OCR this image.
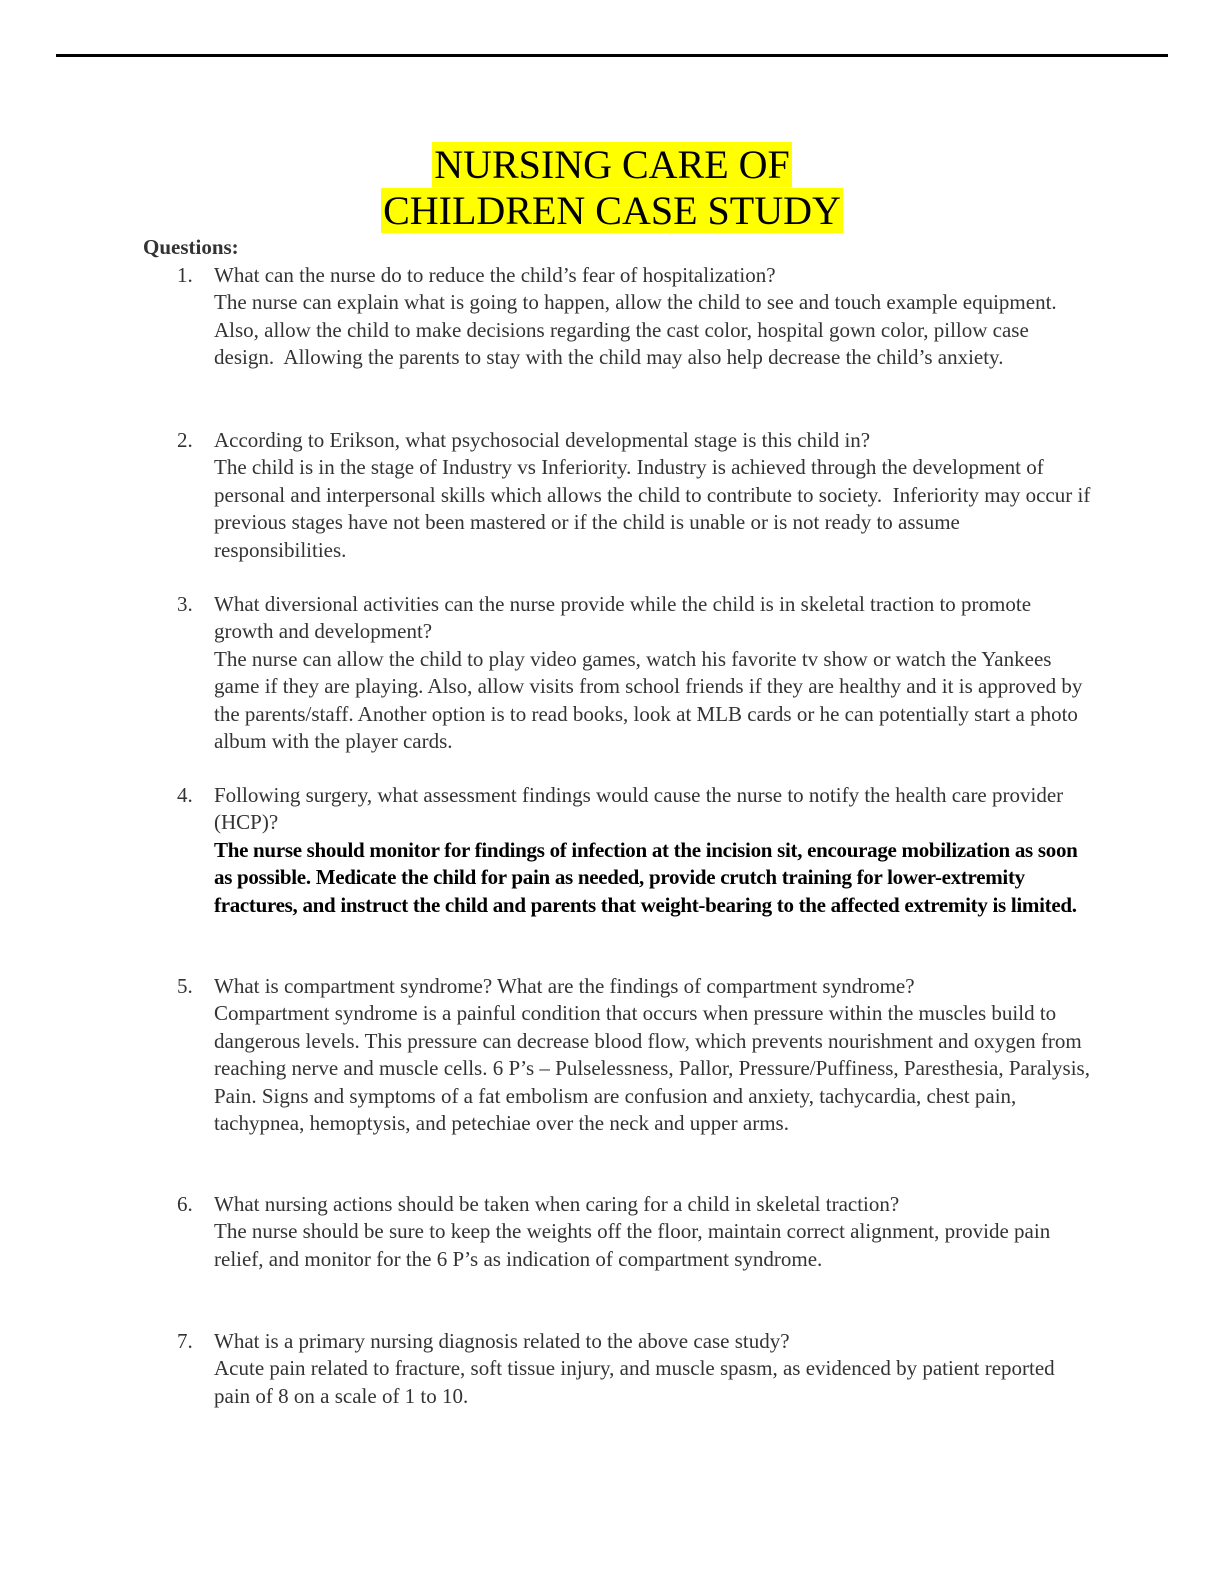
NURSING CARE OF
CHILDREN CASE STUDY
Questions:
1. What can the nurse do to reduce the child’s fear of hospitalization?
The nurse can explain what is going to happen, allow the child to see and touch example equipment. Also, allow the child to make decisions regarding the cast color, hospital gown color, pillow case design.  Allowing the parents to stay with the child may also help decrease the child’s anxiety.
2. According to Erikson, what psychosocial developmental stage is this child in?
The child is in the stage of Industry vs Inferiority. Industry is achieved through the development of personal and interpersonal skills which allows the child to contribute to society.  Inferiority may occur if previous stages have not been mastered or if the child is unable or is not ready to assume responsibilities.
3. What diversional activities can the nurse provide while the child is in skeletal traction to promote growth and development?
The nurse can allow the child to play video games, watch his favorite tv show or watch the Yankees game if they are playing. Also, allow visits from school friends if they are healthy and it is approved by the parents/staff. Another option is to read books, look at MLB cards or he can potentially start a photo album with the player cards.
4. Following surgery, what assessment findings would cause the nurse to notify the health care provider (HCP)?
The nurse should monitor for findings of infection at the incision sit, encourage mobilization as soon as possible. Medicate the child for pain as needed, provide crutch training for lower-extremity fractures, and instruct the child and parents that weight-bearing to the affected extremity is limited.
5. What is compartment syndrome? What are the findings of compartment syndrome?
Compartment syndrome is a painful condition that occurs when pressure within the muscles build to dangerous levels. This pressure can decrease blood flow, which prevents nourishment and oxygen from reaching nerve and muscle cells. 6 P’s – Pulselessness, Pallor, Pressure/Puffiness, Paresthesia, Paralysis, Pain. Signs and symptoms of a fat embolism are confusion and anxiety, tachycardia, chest pain, tachypnea, hemoptysis, and petechiae over the neck and upper arms.
6. What nursing actions should be taken when caring for a child in skeletal traction?
The nurse should be sure to keep the weights off the floor, maintain correct alignment, provide pain relief, and monitor for the 6 P’s as indication of compartment syndrome.
7. What is a primary nursing diagnosis related to the above case study?
Acute pain related to fracture, soft tissue injury, and muscle spasm, as evidenced by patient reported pain of 8 on a scale of 1 to 10.
